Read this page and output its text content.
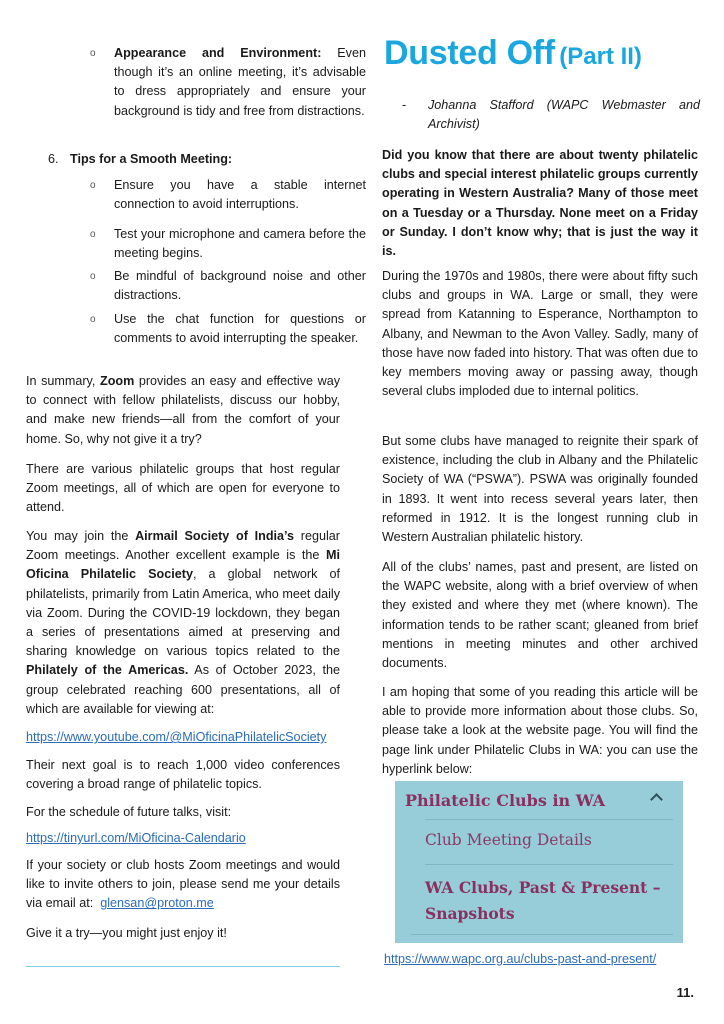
o Appearance and Environment: Even though it’s an online meeting, it’s advisable to dress appropriately and ensure your background is tidy and free from distractions.

6. Tips for a Smooth Meeting:

o Ensure you have a stable internet connection to avoid interruptions.

o Test your microphone and camera before the meeting begins.

o Be mindful of background noise and other distractions.

o Use the chat function for questions or comments to avoid interrupting the speaker.

In summary, Zoom provides an easy and effective way to connect with fellow philatelists, discuss our hobby, and make new friends—all from the comfort of your home. So, why not give it a try?

There are various philatelic groups that host regular Zoom meetings, all of which are open for everyone to attend.

You may join the Airmail Society of India’s regular Zoom meetings. Another excellent example is the Mi Oficina Philatelic Society, a global network of philatelists, primarily from Latin America, who meet daily via Zoom. During the COVID-19 lockdown, they began a series of presentations aimed at preserving and sharing knowledge on various topics related to the Philately of the Americas. As of October 2023, the group celebrated reaching 600 presentations, all of which are available for viewing at:

https://www.youtube.com/@MiOficinaPhilatelicSociety

Their next goal is to reach 1,000 video conferences covering a broad range of philatelic topics.

For the schedule of future talks, visit:

https://tinyurl.com/MiOficina-Calendario

If your society or club hosts Zoom meetings and would like to invite others to join, please send me your details via email at: glensan@proton.me

Give it a try—you might just enjoy it!

Dusted Off (Part II)
- Johanna Stafford (WAPC Webmaster and Archivist)

Did you know that there are about twenty philatelic clubs and special interest philatelic groups currently operating in Western Australia? Many of those meet on a Tuesday or a Thursday. None meet on a Friday or Sunday. I don’t know why; that is just the way it is.

During the 1970s and 1980s, there were about fifty such clubs and groups in WA. Large or small, they were spread from Katanning to Esperance, Northampton to Albany, and Newman to the Avon Valley. Sadly, many of those have now faded into history. That was often due to key members moving away or passing away, though several clubs imploded due to internal politics.

But some clubs have managed to reignite their spark of existence, including the club in Albany and the Philatelic Society of WA (“PSWA”). PSWA was originally founded in 1893. It went into recess several years later, then reformed in 1912. It is the longest running club in Western Australian philatelic history.

All of the clubs’ names, past and present, are listed on the WAPC website, along with a brief overview of when they existed and where they met (where known). The information tends to be rather scant; gleaned from brief mentions in meeting minutes and other archived documents.

I am hoping that some of you reading this article will be able to provide more information about those clubs. So, please take a look at the website page. You will find the page link under Philatelic Clubs in WA: you can use the hyperlink below:

Philatelic Clubs in WA
Club Meeting Details
WA Clubs, Past & Present – Snapshots

https://www.wapc.org.au/clubs-past-and-present/

11.
